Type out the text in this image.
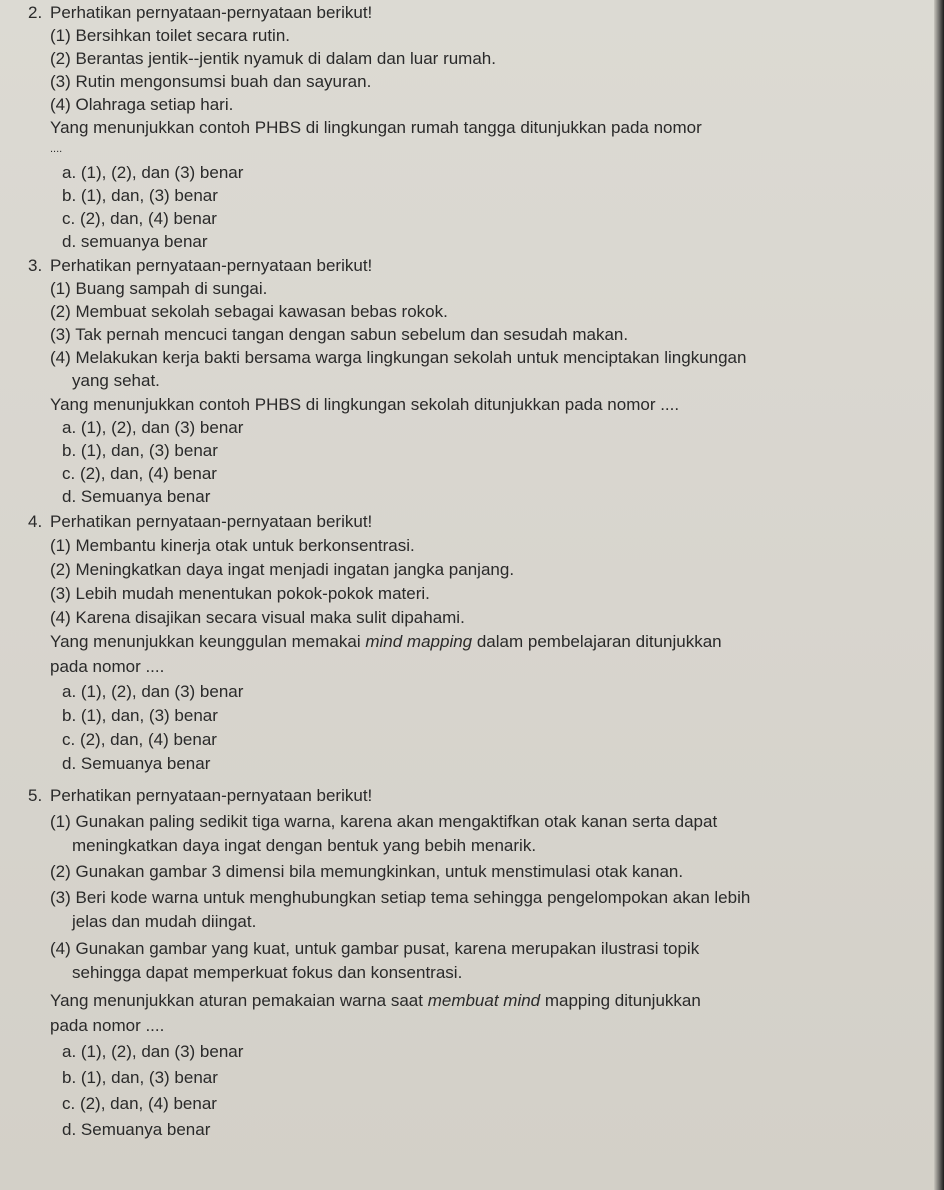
2. Perhatikan pernyataan-pernyataan berikut!
(1) Bersihkan toilet secara rutin.
(2) Berantas jentik--jentik nyamuk di dalam dan luar rumah.
(3) Rutin mengonsumsi buah dan sayuran.
(4) Olahraga setiap hari.
Yang menunjukkan contoh PHBS di lingkungan rumah tangga ditunjukkan pada nomor
....
a. (1), (2), dan (3) benar
b. (1), dan, (3) benar
c. (2), dan, (4) benar
d. semuanya benar
3. Perhatikan pernyataan-pernyataan berikut!
(1) Buang sampah di sungai.
(2) Membuat sekolah sebagai kawasan bebas rokok.
(3) Tak pernah mencuci tangan dengan sabun sebelum dan sesudah makan.
(4) Melakukan kerja bakti bersama warga lingkungan sekolah untuk menciptakan lingkungan
yang sehat.
Yang menunjukkan contoh PHBS di lingkungan sekolah ditunjukkan pada nomor ....
a. (1), (2), dan (3) benar
b. (1), dan, (3) benar
c. (2), dan, (4) benar
d. Semuanya benar
4. Perhatikan pernyataan-pernyataan berikut!
(1) Membantu kinerja otak untuk berkonsentrasi.
(2) Meningkatkan daya ingat menjadi ingatan jangka panjang.
(3) Lebih mudah menentukan pokok-pokok materi.
(4) Karena disajikan secara visual maka sulit dipahami.
Yang menunjukkan keunggulan memakai mind mapping dalam pembelajaran ditunjukkan
pada nomor ....
a. (1), (2), dan (3) benar
b. (1), dan, (3) benar
c. (2), dan, (4) benar
d. Semuanya benar
5. Perhatikan pernyataan-pernyataan berikut!
(1) Gunakan paling sedikit tiga warna, karena akan mengaktifkan otak kanan serta dapat
meningkatkan daya ingat dengan bentuk yang bebih menarik.
(2) Gunakan gambar 3 dimensi bila memungkinkan, untuk menstimulasi otak kanan.
(3) Beri kode warna untuk menghubungkan setiap tema sehingga pengelompokan akan lebih
jelas dan mudah diingat.
(4) Gunakan gambar yang kuat, untuk gambar pusat, karena merupakan ilustrasi topik
sehingga dapat memperkuat fokus dan konsentrasi.
Yang menunjukkan aturan pemakaian warna saat membuat mind mapping ditunjukkan
pada nomor ....
a. (1), (2), dan (3) benar
b. (1), dan, (3) benar
c. (2), dan, (4) benar
d. Semuanya benar
